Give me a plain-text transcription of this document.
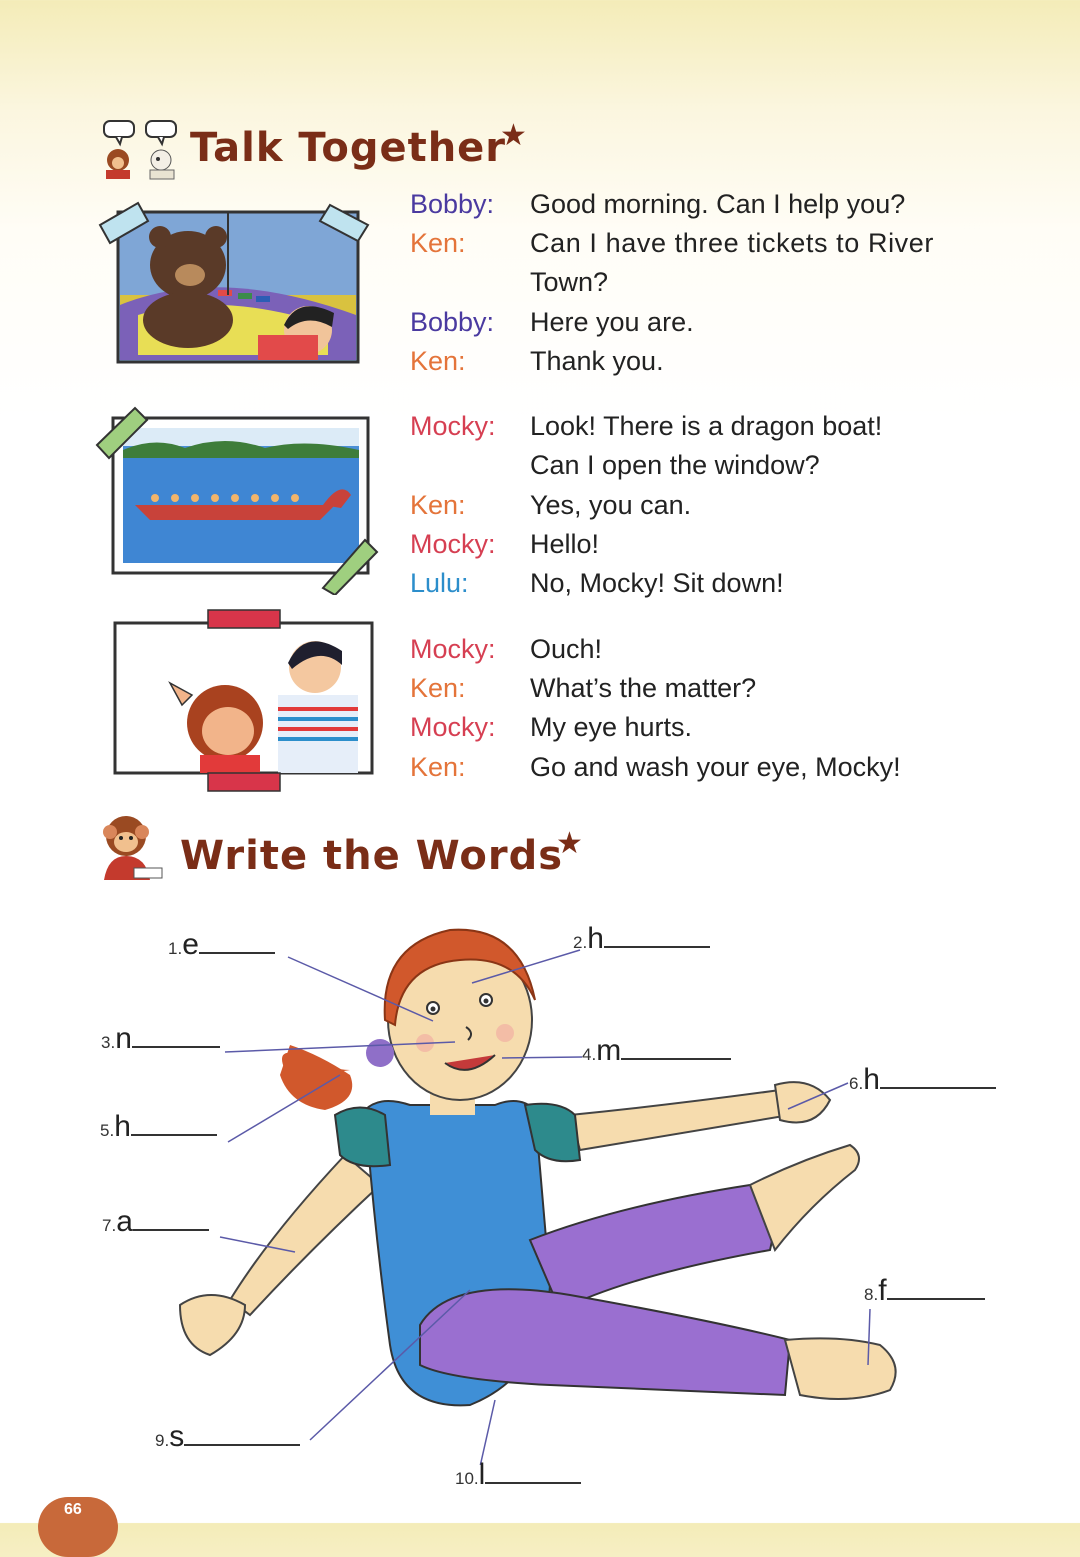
Talk Together
★
Bobby: Good morning. Can I help you?
Ken: Can I have three tickets to River
Town?
Bobby: Here you are.
Ken: Thank you.
Mocky: Look! There is a dragon boat!
Can I open the window?
Ken: Yes, you can.
Mocky: Hello!
Lulu: No, Mocky! Sit down!
Mocky: Ouch!
Ken: What’s the matter?
Mocky: My eye hurts.
Ken: Go and wash your eye, Mocky!
Write the Words
★
1.e	2.h
3.n	4.m
5.h
6.h
7.a
8.f
9.s
10.l
66
